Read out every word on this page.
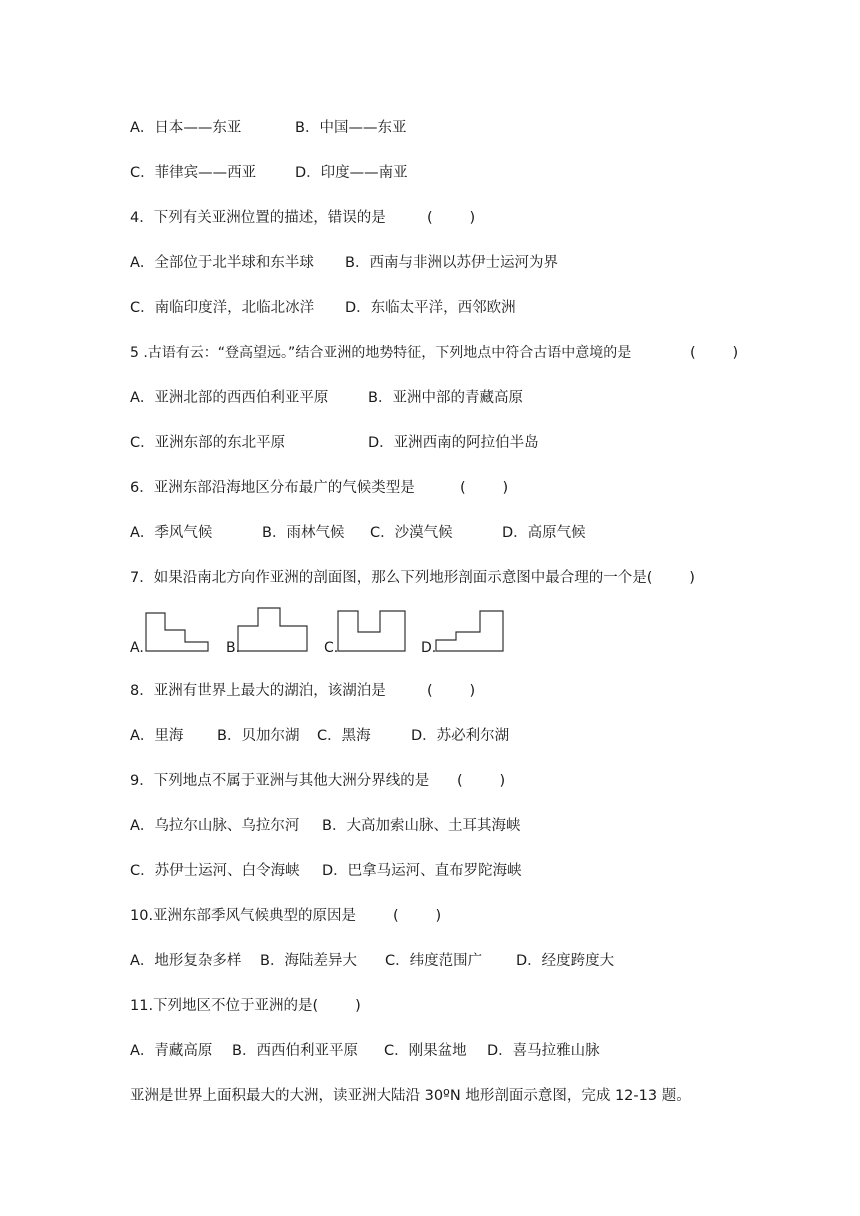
A．日本——东亚	B．中国——东亚
C．菲律宾——西亚	D．印度——南亚
4．下列有关亚洲位置的描述，错误的是	(        )
A．全部位于北半球和东半球 B．西南与非洲以苏伊士运河为界
C．南临印度洋，北临北冰洋 D．东临太平洋，西邻欧洲
5 .古语有云：“登高望远。”结合亚洲的地势特征，下列地点中符合古语中意境的是	(        )
A．亚洲北部的西西伯利亚平原	B．亚洲中部的青藏高原
C．亚洲东部的东北平原	D．亚洲西南的阿拉伯半岛
6．亚洲东部沿海地区分布最广的气候类型是	(        )
A．季风气候	B．雨林气候 C．沙漠气候	D．高原气候
7．如果沿南北方向作亚洲的剖面图，那么下列地形剖面示意图中最合理的一个是(        )
A.	B.	C.	D.
8．亚洲有世界上最大的湖泊，该湖泊是	(        )
A．里海 B．贝加尔湖 C．黑海	D．苏必利尔湖
9．下列地点不属于亚洲与其他大洲分界线的是 (        )
A．乌拉尔山脉、乌拉尔河 B．大高加索山脉、土耳其海峡
C．苏伊士运河、白令海峡 D．巴拿马运河、直布罗陀海峡
10.亚洲东部季风气候典型的原因是	(        )
A．地形复杂多样 B．海陆差异大 C．纬度范围广 D．经度跨度大
11.下列地区不位于亚洲的是(        )
A．青藏高原 B．西西伯利亚平原 C．刚果盆地 D．喜马拉雅山脉
亚洲是世界上面积最大的大洲，读亚洲大陆沿 30ºN 地形剖面示意图，完成 12-13 题。
